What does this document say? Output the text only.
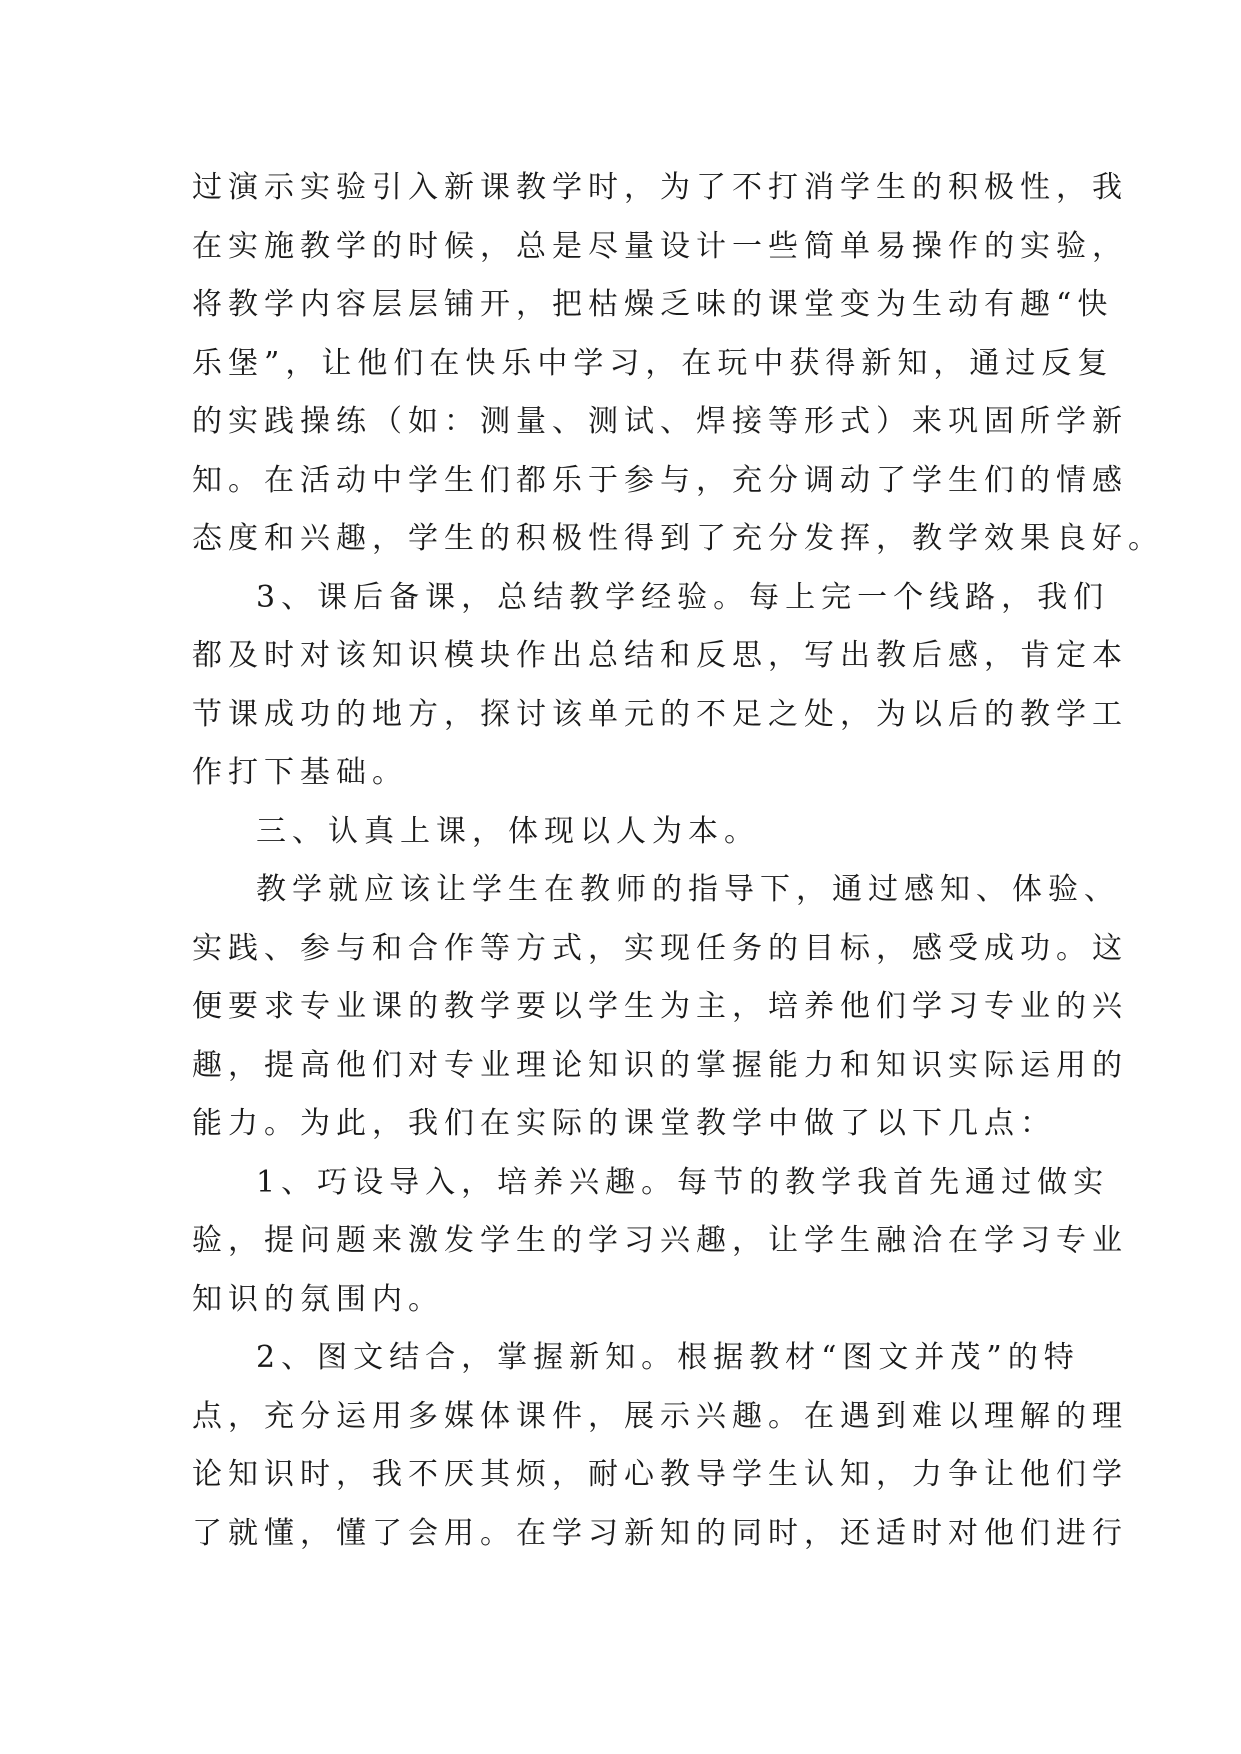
过演示实验引入新课教学时，为了不打消学生的积极性，我
在实施教学的时候，总是尽量设计一些简单易操作的实验，
将教学内容层层铺开，把枯燥乏味的课堂变为生动有趣“快
乐堡”，让他们在快乐中学习，在玩中获得新知，通过反复
的实践操练（如：测量、测试、焊接等形式）来巩固所学新
知。在活动中学生们都乐于参与，充分调动了学生们的情感
态度和兴趣，学生的积极性得到了充分发挥，教学效果良好。
3、课后备课，总结教学经验。每上完一个线路，我们
都及时对该知识模块作出总结和反思，写出教后感，肯定本
节课成功的地方，探讨该单元的不足之处，为以后的教学工
作打下基础。
三、认真上课，体现以人为本。
教学就应该让学生在教师的指导下，通过感知、体验、
实践、参与和合作等方式，实现任务的目标，感受成功。这
便要求专业课的教学要以学生为主，培养他们学习专业的兴
趣，提高他们对专业理论知识的掌握能力和知识实际运用的
能力。为此，我们在实际的课堂教学中做了以下几点：
1、巧设导入，培养兴趣。每节的教学我首先通过做实
验，提问题来激发学生的学习兴趣，让学生融洽在学习专业
知识的氛围内。
2、图文结合，掌握新知。根据教材“图文并茂”的特
点，充分运用多媒体课件，展示兴趣。在遇到难以理解的理
论知识时，我不厌其烦，耐心教导学生认知，力争让他们学
了就懂，懂了会用。在学习新知的同时，还适时对他们进行
